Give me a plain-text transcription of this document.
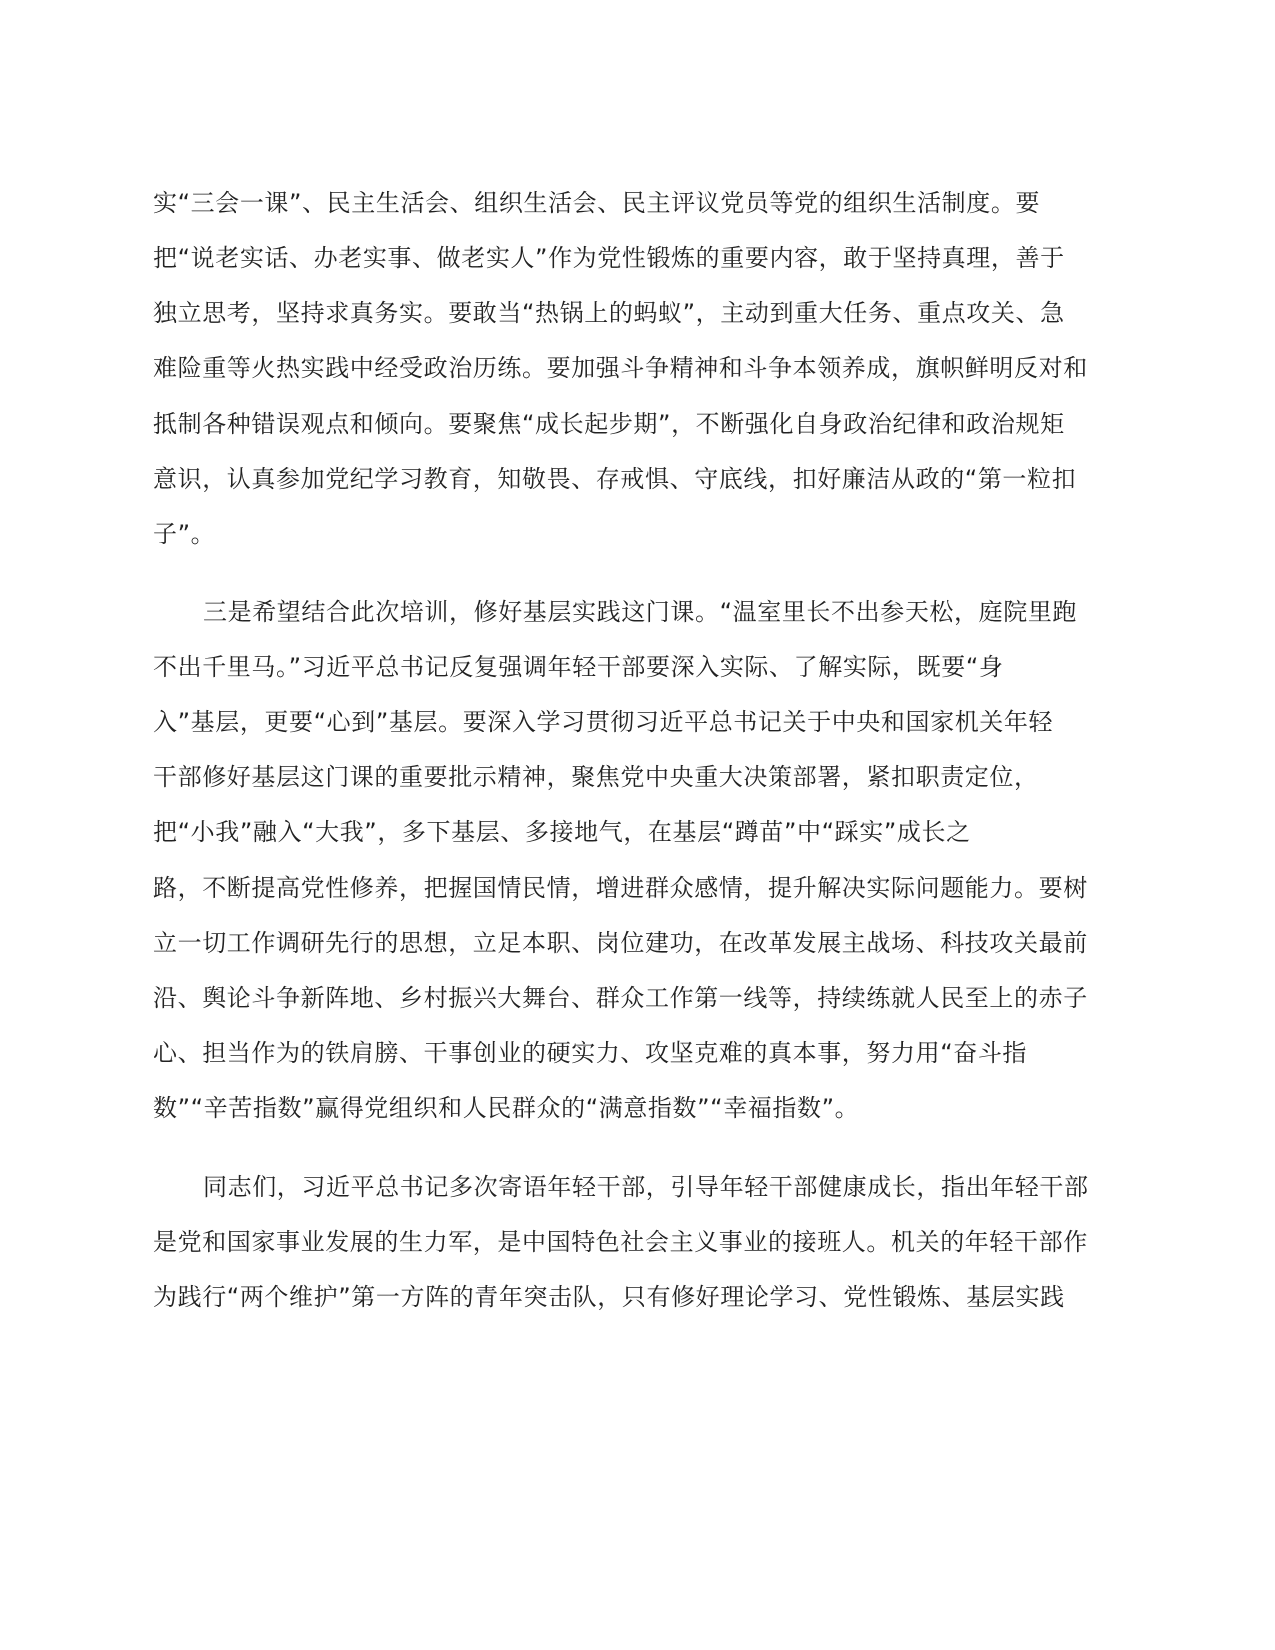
实“三会一课”、民主生活会、组织生活会、民主评议党员等党的组织生活制度。要
把“说老实话、办老实事、做老实人”作为党性锻炼的重要内容，敢于坚持真理，善于
独立思考，坚持求真务实。要敢当“热锅上的蚂蚁”，主动到重大任务、重点攻关、急
难险重等火热实践中经受政治历练。要加强斗争精神和斗争本领养成，旗帜鲜明反对和
抵制各种错误观点和倾向。要聚焦“成长起步期”，不断强化自身政治纪律和政治规矩
意识，认真参加党纪学习教育，知敬畏、存戒惧、守底线，扣好廉洁从政的“第一粒扣
子”。
三是希望结合此次培训，修好基层实践这门课。“温室里长不出参天松，庭院里跑
不出千里马。”习近平总书记反复强调年轻干部要深入实际、了解实际，既要“身
入”基层，更要“心到”基层。要深入学习贯彻习近平总书记关于中央和国家机关年轻
干部修好基层这门课的重要批示精神，聚焦党中央重大决策部署，紧扣职责定位，
把“小我”融入“大我”，多下基层、多接地气，在基层“蹲苗”中“踩实”成长之
路，不断提高党性修养，把握国情民情，增进群众感情，提升解决实际问题能力。要树
立一切工作调研先行的思想，立足本职、岗位建功，在改革发展主战场、科技攻关最前
沿、舆论斗争新阵地、乡村振兴大舞台、群众工作第一线等，持续练就人民至上的赤子
心、担当作为的铁肩膀、干事创业的硬实力、攻坚克难的真本事，努力用“奋斗指
数”“辛苦指数”赢得党组织和人民群众的“满意指数”“幸福指数”。
同志们，习近平总书记多次寄语年轻干部，引导年轻干部健康成长，指出年轻干部
是党和国家事业发展的生力军，是中国特色社会主义事业的接班人。机关的年轻干部作
为践行“两个维护”第一方阵的青年突击队，只有修好理论学习、党性锻炼、基层实践
